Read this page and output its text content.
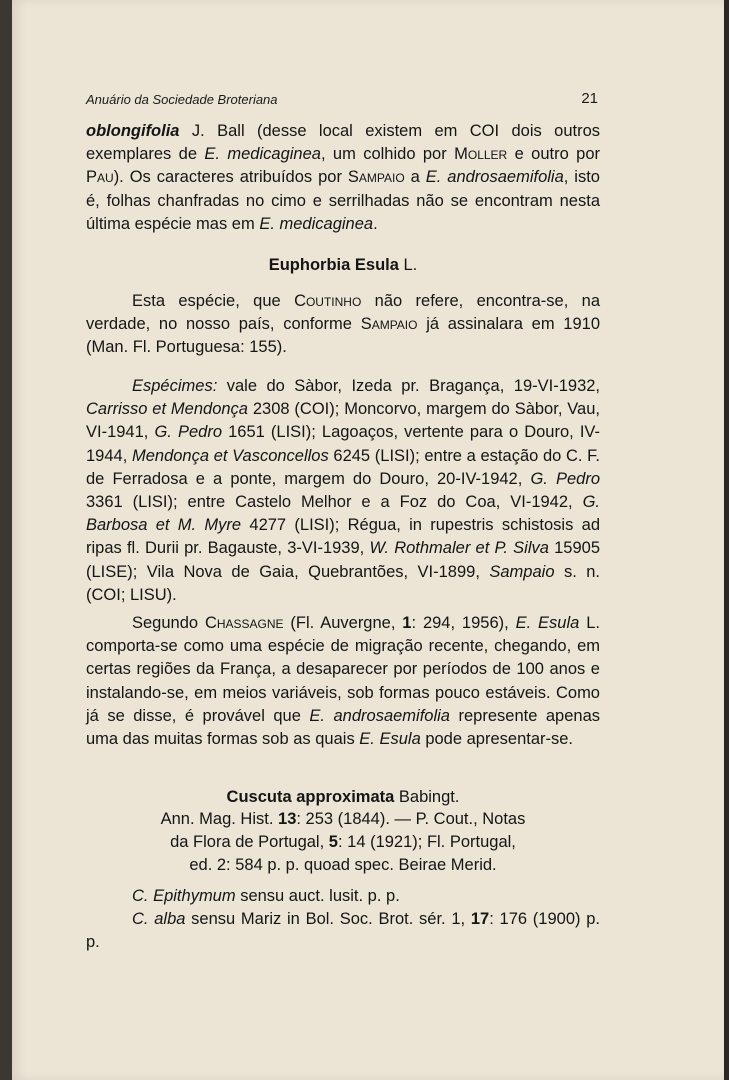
Anuário da Sociedade Broteriana	21

oblongifolia J. Ball (desse local existem em COI dois outros exemplares de E. medicaginea, um colhido por Moller e outro por Pau). Os caracteres atribuídos por Sampaio a E. androsaemifolia, isto é, folhas chanfradas no cimo e serrilhadas não se encontram nesta última espécie mas em E. medicaginea.

Euphorbia Esula L.

Esta espécie, que Coutinho não refere, encontra-se, na verdade, no nosso país, conforme Sampaio já assinalara em 1910 (Man. Fl. Portuguesa: 155).

Espécimes: vale do Sàbor, Izeda pr. Bragança, 19-VI-1932, Carrisso et Mendonça 2308 (COI); Moncorvo, margem do Sàbor, Vau, VI-1941, G. Pedro 1651 (LISI); Lagoaços, vertente para o Douro, IV-1944, Mendonça et Vasconcellos 6245 (LISI); entre a estação do C. F. de Ferradosa e a ponte, margem do Douro, 20-IV-1942, G. Pedro 3361 (LISI); entre Castelo Melhor e a Foz do Coa, VI-1942, G. Barbosa et M. Myre 4277 (LISI); Régua, in rupestris schistosis ad ripas fl. Durii pr. Bagauste, 3-VI-1939, W. Rothmaler et P. Silva 15905 (LISE); Vila Nova de Gaia, Quebrantões, VI-1899, Sampaio s. n. (COI; LISU).

Segundo Chassagne (Fl. Auvergne, 1: 294, 1956), E. Esula L. comporta-se como uma espécie de migração recente, chegando, em certas regiões da França, a desaparecer por períodos de 100 anos e instalando-se, em meios variáveis, sob formas pouco estáveis. Como já se disse, é provável que E. androsaemifolia represente apenas uma das muitas formas sob as quais E. Esula pode apresentar-se.

Cuscuta approximata Babingt.

Ann. Mag. Hist. 13: 253 (1844). — P. Cout., Notas

da Flora de Portugal, 5: 14 (1921); Fl. Portugal,

ed. 2: 584 p. p. quoad spec. Beirae Merid.

C. Epithymum sensu auct. lusit. p. p.

C. alba sensu Mariz in Bol. Soc. Brot. sér. 1, 17: 176 (1900) p. p.
